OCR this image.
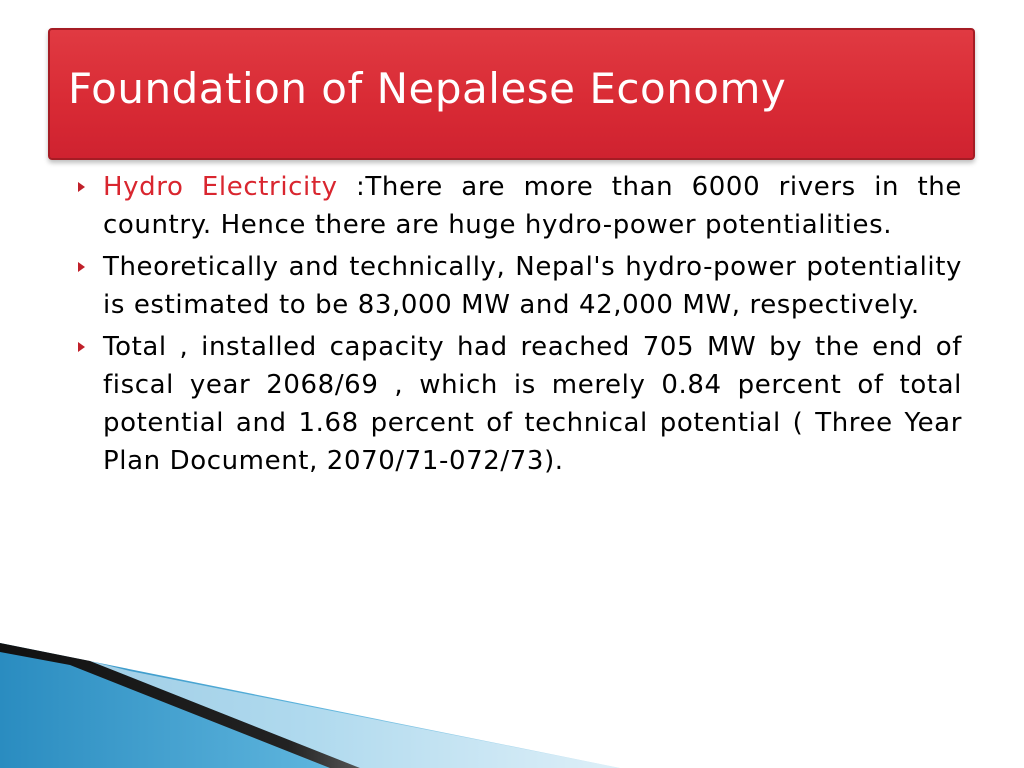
Foundation of Nepalese Economy
Hydro Electricity :There are more than 6000 rivers in the country. Hence there are huge hydro-power potentialities.
Theoretically and technically, Nepal's hydro-power potentiality is estimated to be 83,000 MW and 42,000 MW, respectively.
Total , installed capacity had reached 705 MW by the end of fiscal year 2068/69 , which is merely 0.84 percent of total potential and 1.68 percent of technical potential ( Three Year Plan Document, 2070/71-072/73).
